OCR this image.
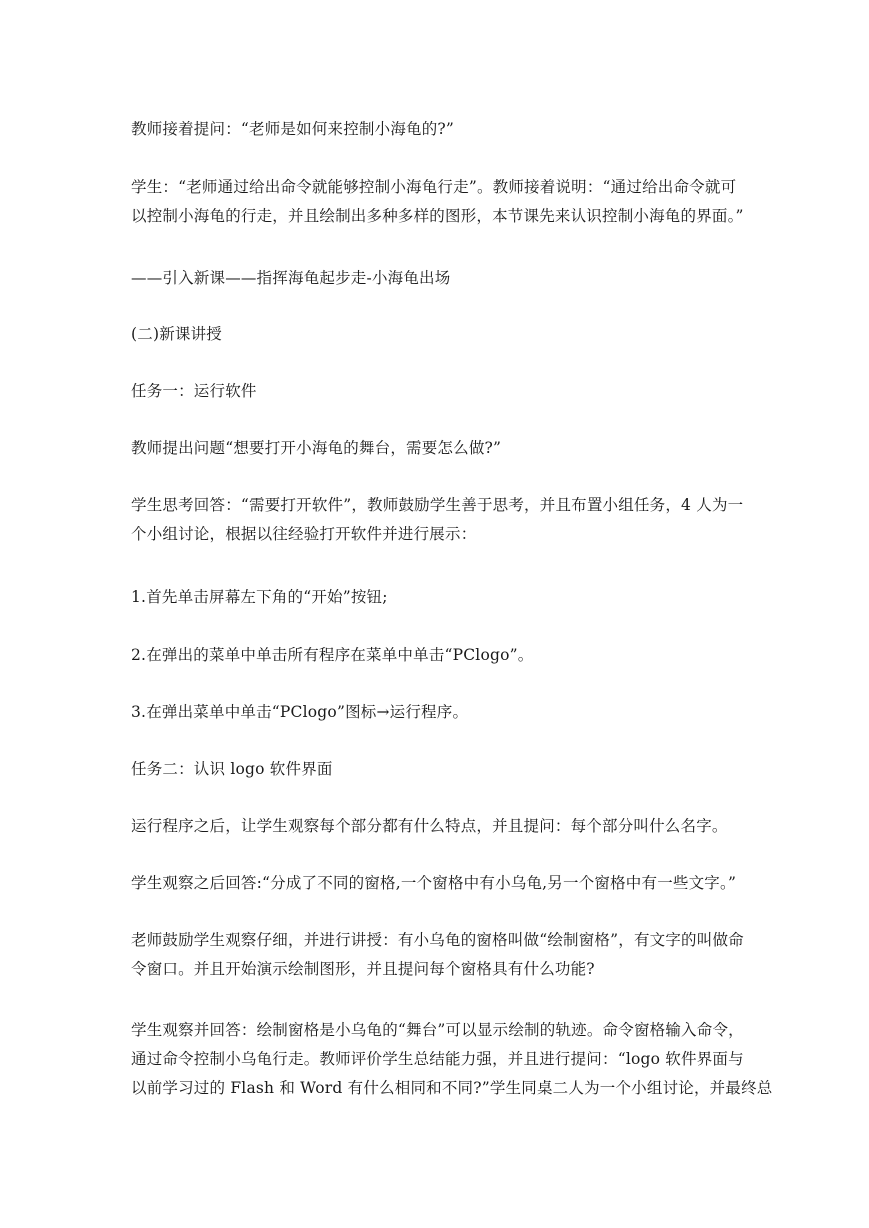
教师接着提问：“老师是如何来控制小海龟的?”

学生：“老师通过给出命令就能够控制小海龟行走”。教师接着说明：“通过给出命令就可
以控制小海龟的行走，并且绘制出多种多样的图形，本节课先来认识控制小海龟的界面。”

——引入新课——指挥海龟起步走-小海龟出场

(二)新课讲授

任务一：运行软件

教师提出问题“想要打开小海龟的舞台，需要怎么做?”

学生思考回答：“需要打开软件”，教师鼓励学生善于思考，并且布置小组任务，4 人为一
个小组讨论，根据以往经验打开软件并进行展示：

1.首先单击屏幕左下角的“开始”按钮;

2.在弹出的菜单中单击所有程序在菜单中单击“PClogo”。

3.在弹出菜单中单击“PClogo”图标→运行程序。

任务二：认识 logo 软件界面

运行程序之后，让学生观察每个部分都有什么特点，并且提问：每个部分叫什么名字。

学生观察之后回答:“分成了不同的窗格,一个窗格中有小乌龟,另一个窗格中有一些文字。”

老师鼓励学生观察仔细，并进行讲授：有小乌龟的窗格叫做“绘制窗格”，有文字的叫做命
令窗口。并且开始演示绘制图形，并且提问每个窗格具有什么功能?

学生观察并回答：绘制窗格是小乌龟的“舞台”可以显示绘制的轨迹。命令窗格输入命令，
通过命令控制小乌龟行走。教师评价学生总结能力强，并且进行提问：“logo 软件界面与
以前学习过的 Flash 和 Word 有什么相同和不同?”学生同桌二人为一个小组讨论，并最终总
